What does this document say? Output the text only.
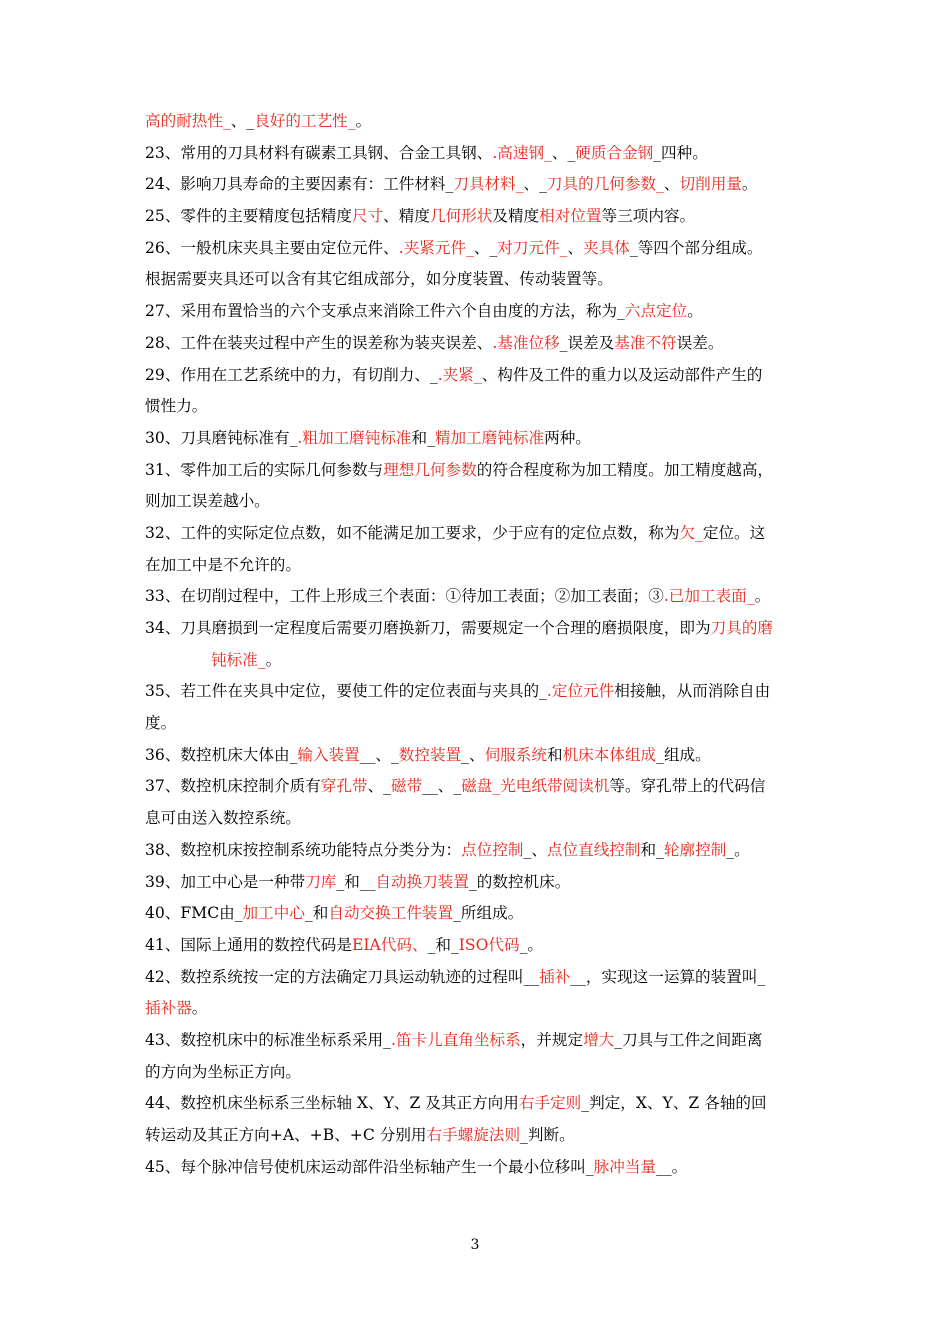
高的耐热性_、_良好的工艺性_。
23、常用的刀具材料有碳素工具钢、合金工具钢、.高速钢_、_硬质合金钢_四种。
24、影响刀具寿命的主要因素有：工件材料_刀具材料_、_刀具的几何参数_、切削用量。
25、零件的主要精度包括精度尺寸、精度几何形状及精度相对位置等三项内容。
26、一般机床夹具主要由定位元件、.夹紧元件_、_对刀元件_、夹具体_等四个部分组成。
根据需要夹具还可以含有其它组成部分，如分度装置、传动装置等。
27、采用布置恰当的六个支承点来消除工件六个自由度的方法，称为_六点定位。
28、工件在装夹过程中产生的误差称为装夹误差、.基准位移_误差及基准不符误差。
29、作用在工艺系统中的力，有切削力、_.夹紧_、构件及工件的重力以及运动部件产生的
惯性力。
30、刀具磨钝标准有_.粗加工磨钝标准和_精加工磨钝标准两种。
31、零件加工后的实际几何参数与理想几何参数的符合程度称为加工精度。加工精度越高，
则加工误差越小。
32、工件的实际定位点数，如不能满足加工要求，少于应有的定位点数，称为欠_定位。这
在加工中是不允许的。
33、在切削过程中，工件上形成三个表面：①待加工表面；②加工表面；③.已加工表面_。
34、刀具磨损到一定程度后需要刃磨换新刀，需要规定一个合理的磨损限度，即为刀具的磨
钝标准_。
35、若工件在夹具中定位，要使工件的定位表面与夹具的_.定位元件相接触，从而消除自由
度。
36、数控机床大体由_输入装置__、_数控装置_、伺服系统和机床本体组成_组成。
37、数控机床控制介质有穿孔带、_磁带__、_磁盘_光电纸带阅读机等。穿孔带上的代码信
息可由送入数控系统。
38、数控机床按控制系统功能特点分类分为：点位控制_、点位直线控制和_轮廓控制_。
39、加工中心是一种带刀库_和__自动换刀装置_的数控机床。
40、FMC由_加工中心_和自动交换工件装置_所组成。
41、国际上通用的数控代码是EIA代码、_和_ISO代码_。
42、数控系统按一定的方法确定刀具运动轨迹的过程叫__插补__，实现这一运算的装置叫_
插补器。
43、数控机床中的标准坐标系采用_.笛卡儿直角坐标系，并规定增大_刀具与工件之间距离
的方向为坐标正方向。
44、数控机床坐标系三坐标轴 X、Y、Z 及其正方向用右手定则_判定，X、Y、Z 各轴的回
转运动及其正方向+A、+B、+C 分别用右手螺旋法则_判断。
45、每个脉冲信号使机床运动部件沿坐标轴产生一个最小位移叫_脉冲当量__。
3
